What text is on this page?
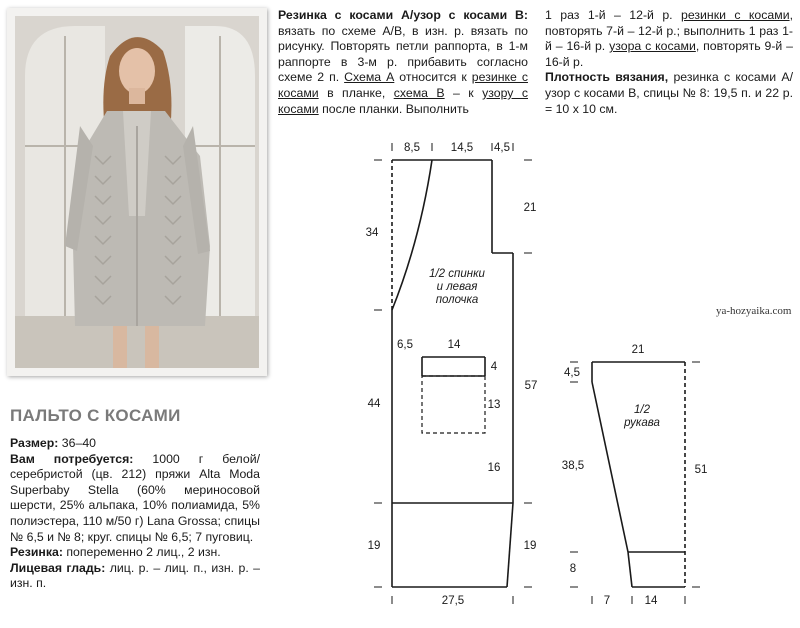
ПАЛЬТО С КОСАМИ

Размер: 36–40

Вам потребуется: 1000 г белой/серебристой (цв. 212) пряжи Alta Moda Superbaby Stella (60% мериносовой шерсти, 25% альпака, 10% полиамида, 5% полиэстера, 110 м/50 г) Lana Grossa; спицы № 6,5 и № 8; круг. спицы № 6,5; 7 пуговиц.

Резинка: попеременно 2 лиц., 2 изн.

Лицевая гладь: лиц. р. – лиц. п., изн. р. – изн. п.

Резинка с косами А/узор с косами В: вязать по схеме А/В, в изн. р. вязать по рисунку. Повторять петли раппорта, в 1-м раппорте в 3-м р. прибавить согласно схеме 2 п. Схема А относится к резинке с косами в планке, схема В – к узору с косами после планки. Выполнить
1 раз 1-й – 12-й р. резинки с косами, повторять 7-й – 12-й р.; выполнить 1 раз 1-й – 16-й р. узора с косами, повторять 9-й – 16-й р.
Плотность вязания, резинка с косами А/узор с косами В, спицы № 8: 19,5 п. и 22 р. = 10 х 10 см.
1/2 спинки
и левая
полочка
8,5	14,5 4,5
21
34
6,5	14
4
57
13
44
16
19	19
27,5
1/2
рукава
21
4,5
51
38,5
8
7	14
ya-hozyaika.com
